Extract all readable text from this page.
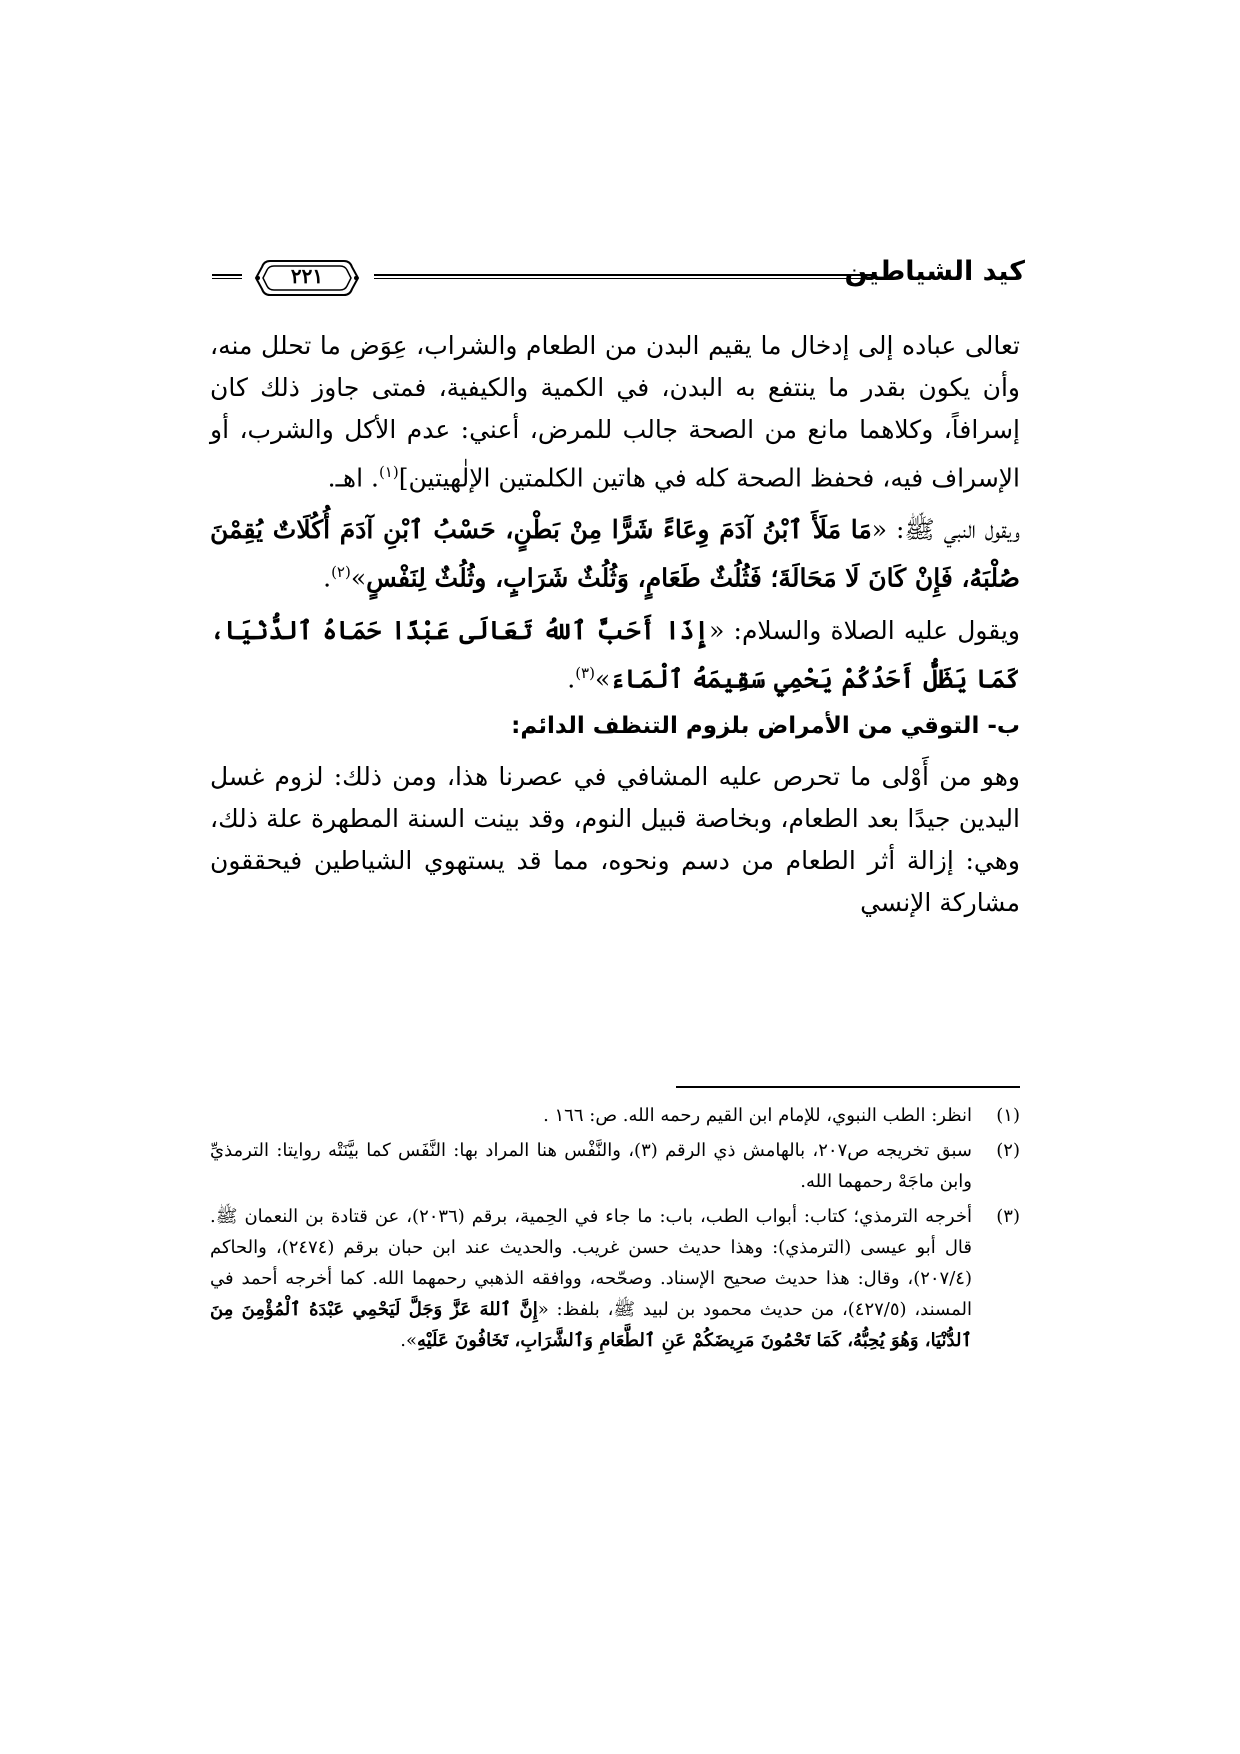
كيد الشياطين
٢٢١

تعالى عباده إلى إدخال ما يقيم البدن من الطعام والشراب، عِوَض ما تحلل منه، وأن يكون بقدر ما ينتفع به البدن، في الكمية والكيفية، فمتى جاوز ذلك كان إسرافاً، وكلاهما مانع من الصحة جالب للمرض، أعني: عدم الأكل والشرب، أو الإسراف فيه، فحفظ الصحة كله في هاتين الكلمتين الإلٰهيتين]$^{(١)}$. اهـ.

ويقول النبي ﷺ: «مَا مَلَأَ ٱبْنُ آدَمَ وِعَاءً شَرًّا مِنْ بَطْنٍ، حَسْبُ ٱبْنِ آدَمَ أُكُلَاتٌ يُقِمْنَ صُلْبَهُ، فَإِنْ كَانَ لَا مَحَالَةَ؛ فَثُلُثٌ طَعَامٍ، وَثُلُثٌ شَرَابٍ، وثُلُثٌ لِنَفْسٍ»$^{(٢)}$.

ويقول عليه الصلاة والسلام: «إِذَا أَحَبَّ ٱللهُ تَعَالَى عَبْدًا حَمَاهُ ٱلدُّنْيَا، كَمَا يَظَلُّ أَحَدُكُمْ يَحْمِي سَقِيمَهُ ٱلْمَاءَ»$^{(٣)}$.

ب- التوقي من الأمراض بلزوم التنظف الدائم:

وهو من أَوْلى ما تحرص عليه المشافي في عصرنا هذا، ومن ذلك: لزوم غسل اليدين جيدًا بعد الطعام، وبخاصة قبيل النوم، وقد بينت السنة المطهرة علة ذلك، وهي: إزالة أثر الطعام من دسم ونحوه، مما قد يستهوي الشياطين فيحققون مشاركة الإنسي

(١)
انظر: الطب النبوي، للإمام ابن القيم رحمه الله. ص: ١٦٦ .
(٢)
سبق تخريجه ص٢٠٧، بالهامش ذي الرقم (٣)، والنَّفْس هنا المراد بها: النَّفَس كما بيَّنَتْه روايتا: الترمذيِّ وابن ماجَهْ رحمهما الله.
(٣)
أخرجه الترمذي؛ كتاب: أبواب الطب، باب: ما جاء في الحِمية، برقم (٢٠٣٦)، عن قتادة بن النعمان ﷺ. قال أبو عيسى (الترمذي): وهذا حديث حسن غريب. والحديث عند ابن حبان برقم (٢٤٧٤)، والحاكم (٢٠٧/٤)، وقال: هذا حديث صحيح الإسناد. وصحّحه، ووافقه الذهبي رحمهما الله. كما أخرجه أحمد في المسند، (٤٢٧/٥)، من حديث محمود بن لبيد ﷺ، بلفظ: «إِنَّ ٱللهَ عَزَّ وَجَلَّ لَيَحْمِي عَبْدَهُ ٱلْمُؤْمِنَ مِنَ ٱلدُّنْيَا، وَهُوَ يُحِبُّهُ، كَمَا تَحْمُونَ مَرِيضَكُمْ عَنِ ٱلطَّعَامِ وَٱلشَّرَابِ، تَخَافُونَ عَلَيْهِ».
